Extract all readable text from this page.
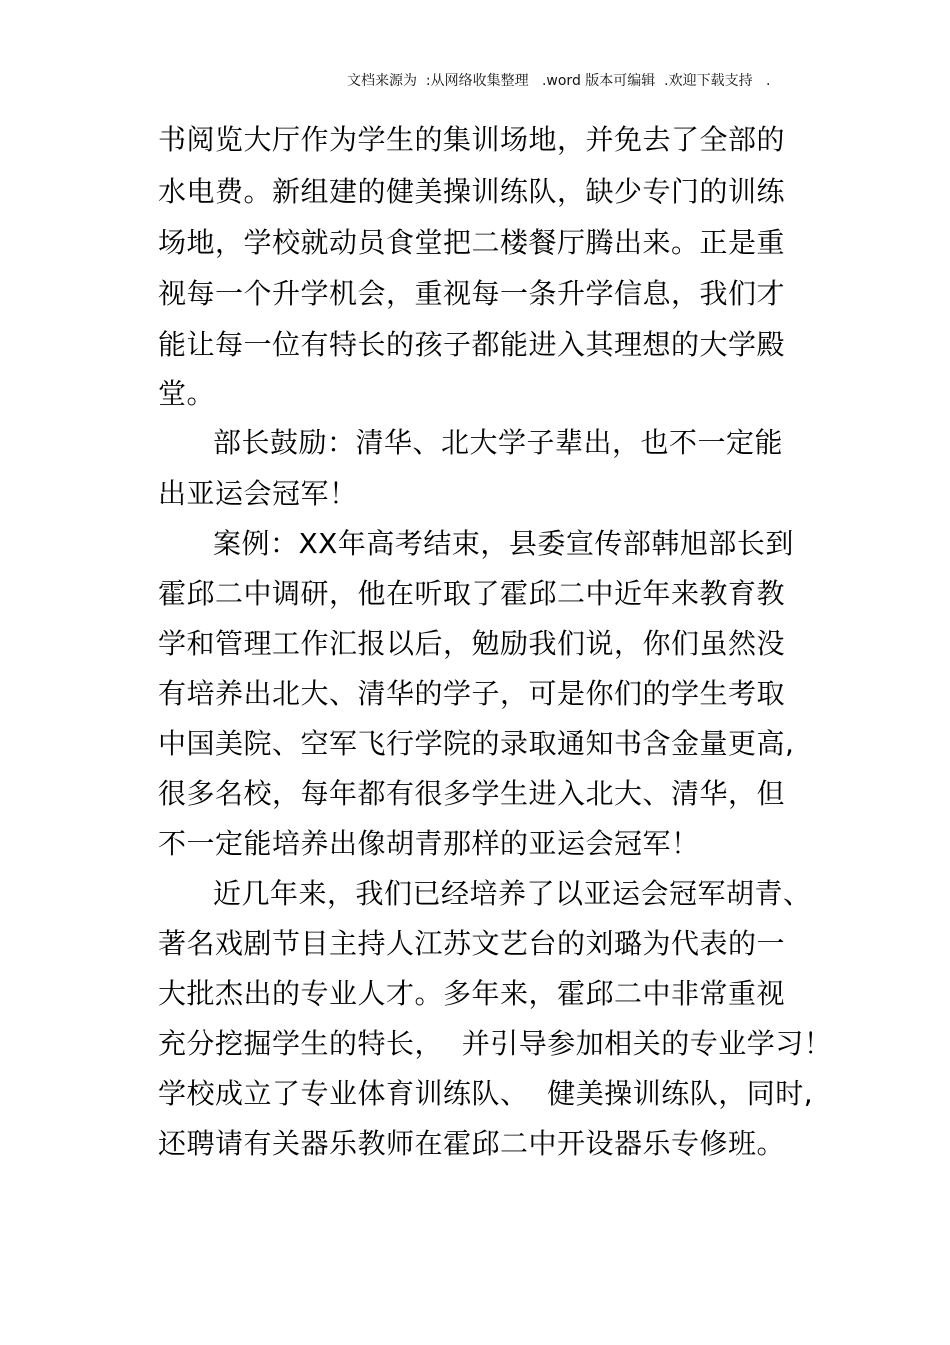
文档来源为  :从网络收集整理   .word 版本可编辑  .欢迎下载支持   .
书阅览大厅作为学生的集训场地，并免去了全部的
水电费。新组建的健美操训练队，缺少专门的训练
场地，学校就动员食堂把二楼餐厅腾出来。正是重
视每一个升学机会，重视每一条升学信息，我们才
能让每一位有特长的孩子都能进入其理想的大学殿
堂。
部长鼓励：清华、北大学子辈出，也不一定能
出亚运会冠军！
案例：XX年高考结束，县委宣传部韩旭部长到
霍邱二中调研，他在听取了霍邱二中近年来教育教
学和管理工作汇报以后，勉励我们说，你们虽然没
有培养出北大、清华的学子，可是你们的学生考取
中国美院、空军飞行学院的录取通知书含金量更高,
很多名校，每年都有很多学生进入北大、清华，但
不一定能培养出像胡青那样的亚运会冠军！
近几年来，我们已经培养了以亚运会冠军胡青、
著名戏剧节目主持人江苏文艺台的刘璐为代表的一
大批杰出的专业人才。多年来，霍邱二中非常重视
充分挖掘学生的特长，  并引导参加相关的专业学习！
学校成立了专业体育训练队、  健美操训练队，同时,
还聘请有关器乐教师在霍邱二中开设器乐专修班。
